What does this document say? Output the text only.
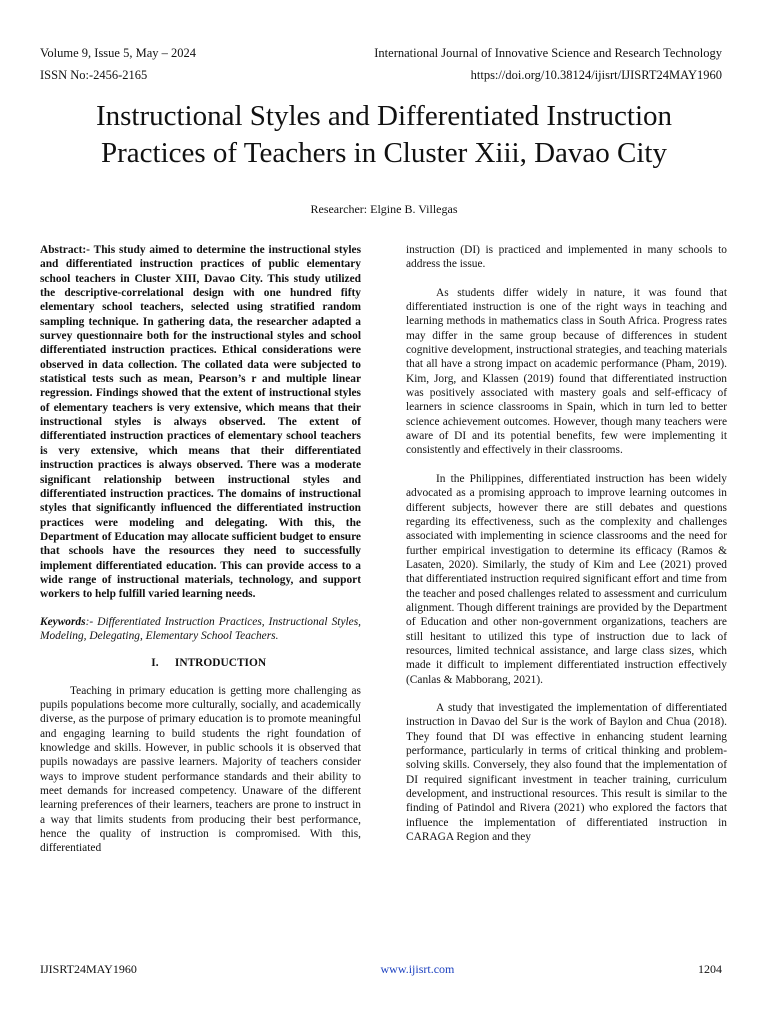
Volume 9, Issue 5, May – 2024	International Journal of Innovative Science and Research Technology
ISSN No:-2456-2165	https://doi.org/10.38124/ijisrt/IJISRT24MAY1960
Instructional Styles and Differentiated Instruction
Practices of Teachers in Cluster Xiii, Davao City
Researcher: Elgine B. Villegas

Abstract:- This study aimed to determine the instructional styles and differentiated instruction practices of public elementary school teachers in Cluster XIII, Davao City. This study utilized the descriptive-correlational design with one hundred fifty elementary school teachers, selected using stratified random sampling technique. In gathering data, the researcher adapted a survey questionnaire both for the instructional styles and school differentiated instruction practices. Ethical considerations were observed in data collection. The collated data were subjected to statistical tests such as mean, Pearson’s r and multiple linear regression. Findings showed that the extent of instructional styles of elementary teachers is very extensive, which means that their instructional styles is always observed. The extent of differentiated instruction practices of elementary school teachers is very extensive, which means that their differentiated instruction practices is always observed. There was a moderate significant relationship between instructional styles and differentiated instruction practices. The domains of instructional styles that significantly influenced the differentiated instruction practices were modeling and delegating. With this, the Department of Education may allocate sufficient budget to ensure that schools have the resources they need to successfully implement differentiated education. This can provide access to a wide range of instructional materials, technology, and support workers to help fulfill varied learning needs.

Keywords:- Differentiated Instruction Practices, Instructional Styles, Modeling, Delegating, Elementary School Teachers.

I. INTRODUCTION

Teaching in primary education is getting more challenging as pupils populations become more culturally, socially, and academically diverse, as the purpose of primary education is to promote meaningful and engaging learning to build students the right foundation of knowledge and skills. However, in public schools it is observed that pupils nowadays are passive learners. Majority of teachers consider ways to improve student performance standards and their ability to meet demands for increased competency. Unaware of the different learning preferences of their learners, teachers are prone to instruct in a way that limits students from producing their best performance, hence the quality of instruction is compromised. With this, differentiated

instruction (DI) is practiced and implemented in many schools to address the issue.

As students differ widely in nature, it was found that differentiated instruction is one of the right ways in teaching and learning methods in mathematics class in South Africa. Progress rates may differ in the same group because of differences in student cognitive development, instructional strategies, and teaching materials that all have a strong impact on academic performance (Pham, 2019). Kim, Jorg, and Klassen (2019) found that differentiated instruction was positively associated with mastery goals and self-efficacy of learners in science classrooms in Spain, which in turn led to better science achievement outcomes. However, though many teachers were aware of DI and its potential benefits, few were implementing it consistently and effectively in their classrooms.

In the Philippines, differentiated instruction has been widely advocated as a promising approach to improve learning outcomes in different subjects, however there are still debates and questions regarding its effectiveness, such as the complexity and challenges associated with implementing in science classrooms and the need for further empirical investigation to determine its efficacy (Ramos & Lasaten, 2020). Similarly, the study of Kim and Lee (2021) proved that differentiated instruction required significant effort and time from the teacher and posed challenges related to assessment and curriculum alignment. Though different trainings are provided by the Department of Education and other non-government organizations, teachers are still hesitant to utilized this type of instruction due to lack of resources, limited technical assistance, and large class sizes, which made it difficult to implement differentiated instruction effectively (Canlas & Mabborang, 2021).

A study that investigated the implementation of differentiated instruction in Davao del Sur is the work of Baylon and Chua (2018). They found that DI was effective in enhancing student learning performance, particularly in terms of critical thinking and problem-solving skills. Conversely, they also found that the implementation of DI required significant investment in teacher training, curriculum development, and instructional resources. This result is similar to the finding of Patindol and Rivera (2021) who explored the factors that influence the implementation of differentiated instruction in CARAGA Region and they

IJISRT24MAY1960	www.ijisrt.com	1204
